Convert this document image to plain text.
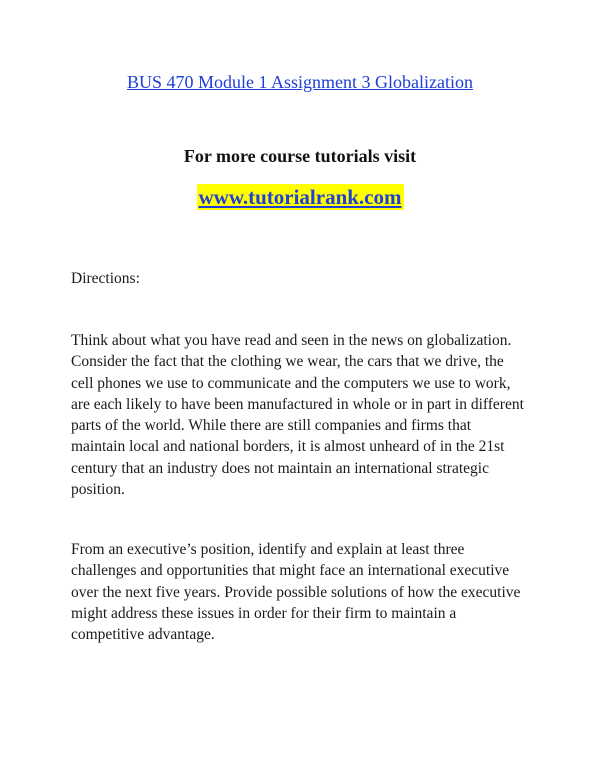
BUS 470 Module 1 Assignment 3 Globalization
For more course tutorials visit
www.tutorialrank.com
Directions:
Think about what you have read and seen in the news on globalization.
Consider the fact that the clothing we wear, the cars that we drive, the
cell phones we use to communicate and the computers we use to work,
are each likely to have been manufactured in whole or in part in different
parts of the world. While there are still companies and firms that
maintain local and national borders, it is almost unheard of in the 21st
century that an industry does not maintain an international strategic
position.
From an executive’s position, identify and explain at least three
challenges and opportunities that might face an international executive
over the next five years. Provide possible solutions of how the executive
might address these issues in order for their firm to maintain a
competitive advantage.
